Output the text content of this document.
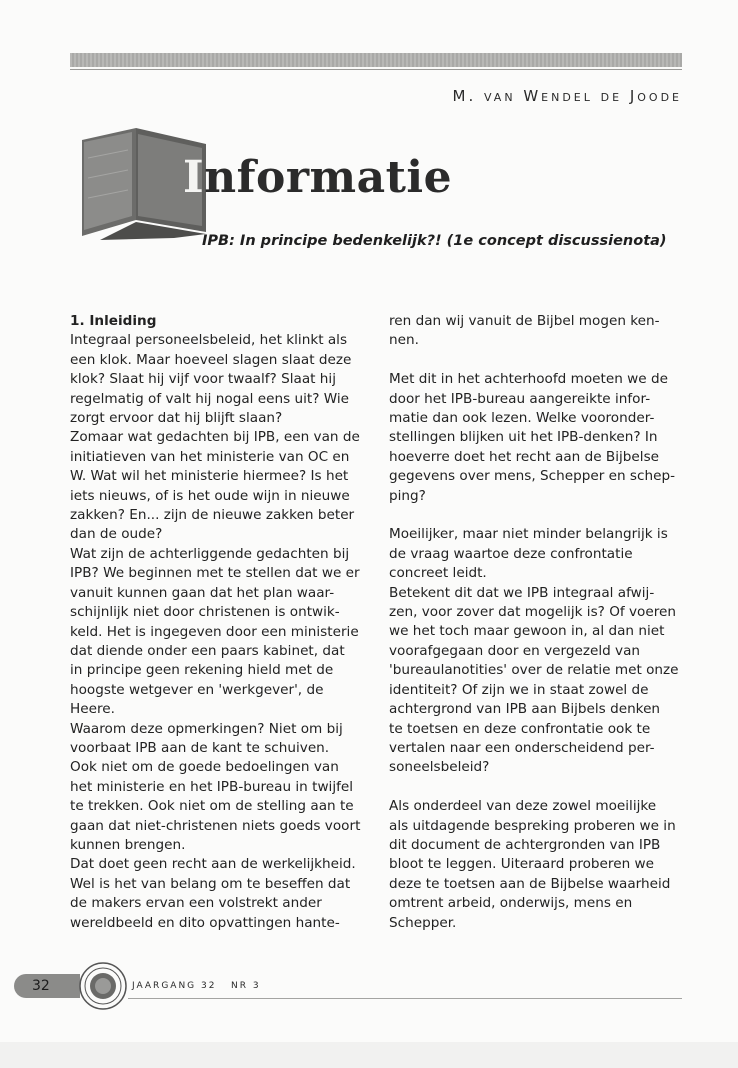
M. van Wendel de Joode
Informatie
IPB: In principe bedenkelijk?! (1e concept discussienota)

1. Inleiding

Integraal personeelsbeleid, het klinkt als
een klok. Maar hoeveel slagen slaat deze
klok? Slaat hij vijf voor twaalf? Slaat hij
regelmatig of valt hij nogal eens uit? Wie
zorgt ervoor dat hij blijft slaan?

Zomaar wat gedachten bij IPB, een van de
initiatieven van het ministerie van OC en
W. Wat wil het ministerie hiermee? Is het
iets nieuws, of is het oude wijn in nieuwe
zakken? En... zijn de nieuwe zakken beter
dan de oude?

Wat zijn de achterliggende gedachten bij
IPB? We beginnen met te stellen dat we er
vanuit kunnen gaan dat het plan waar-
schijnlijk niet door christenen is ontwik-
keld. Het is ingegeven door een ministerie
dat diende onder een paars kabinet, dat
in principe geen rekening hield met de
hoogste wetgever en 'werkgever', de
Heere.

Waarom deze opmerkingen? Niet om bij
voorbaat IPB aan de kant te schuiven.
Ook niet om de goede bedoelingen van
het ministerie en het IPB-bureau in twijfel
te trekken. Ook niet om de stelling aan te
gaan dat niet-christenen niets goeds voort
kunnen brengen.

Dat doet geen recht aan de werkelijkheid.
Wel is het van belang om te beseffen dat
de makers ervan een volstrekt ander
wereldbeeld en dito opvattingen hante-

ren dan wij vanuit de Bijbel mogen ken-
nen.

Met dit in het achterhoofd moeten we de
door het IPB-bureau aangereikte infor-
matie dan ook lezen. Welke vooronder-
stellingen blijken uit het IPB-denken? In
hoeverre doet het recht aan de Bijbelse
gegevens over mens, Schepper en schep-
ping?

Moeilijker, maar niet minder belangrijk is
de vraag waartoe deze confrontatie
concreet leidt.

Betekent dit dat we IPB integraal afwij-
zen, voor zover dat mogelijk is? Of voeren
we het toch maar gewoon in, al dan niet
voorafgegaan door en vergezeld van
'bureaulanotities' over de relatie met onze
identiteit? Of zijn we in staat zowel de
achtergrond van IPB aan Bijbels denken
te toetsen en deze confrontatie ook te
vertalen naar een onderscheidend per-
soneelsbeleid?

Als onderdeel van deze zowel moeilijke
als uitdagende bespreking proberen we in
dit document de achtergronden van IPB
bloot te leggen. Uiteraard proberen we
deze te toetsen aan de Bijbelse waarheid
omtrent arbeid, onderwijs, mens en
Schepper.

32	JAARGANG 32   NR 3
